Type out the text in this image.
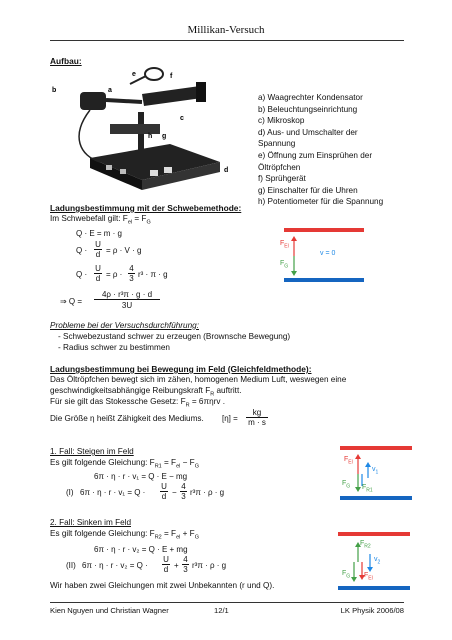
Millikan-Versuch
Aufbau:
e
b	a
f
c
h g
d
a) Waagrechter Kondensator
b) Beleuchtungseinrichtung
c) Mikroskop
d) Aus- und Umschalter der
Spannung
e) Öffnung zum Einsprühen der
Öltröpfchen
f) Sprühgerät
g) Einschalter für die Uhren
h) Potentiometer für die Spannung
Ladungsbestimmung mit der Schwebemethode:
Im Schwebefall gilt: $F_{el} = F_G$
Q · E = m · g
Q ·
U
d = ρ · V · g
Q ·
U
d = ρ ·
4
3 r³ · π · g
⇒ Q =
4ρ · r³π · g · d
3U
$F_{El}$
$F_G$
v = 0
Probleme bei der Versuchsdurchführung:
- Schwebezustand schwer zu erzeugen (Brownsche Bewegung)
- Radius schwer zu bestimmen
Ladungsbestimmung bei Bewegung im Feld (Gleichfeldmethode):
Das Öltröpfchen bewegt sich im zähen, homogenen Medium Luft, weswegen eine
geschwindigkeitsabhängige Reibungskraft $F_R$ auftritt.
Für sie gilt das Stokessche Gesetz: $F_R = 6\pi\eta rv$ .
Die Größe η heißt Zähigkeit des Mediums. [η] =
kg
m · s
1. Fall: Steigen im Feld
Es gilt folgende Gleichung: $F_{R1} = F_{el} - F_G$
6π · η · r · v₁ = Q · E − mg
(I) 6π · η · r · v₁ = Q ·
U
d −
4
3 r³π · ρ · g
$F_{El}$
$F_G$ $F_{R1}$
$v_1$
2. Fall: Sinken im Feld
Es gilt folgende Gleichung: $F_{R2} = F_{el} + F_G$
6π · η · r · v₂ = Q · E + mg
(II) 6π · η · r · v₂ = Q ·
U
d +
4
3 r³π · ρ · g
Wir haben zwei Gleichungen mit zwei Unbekannten (r und Q).
$F_{R2}$
$F_{El}$
$F_G$
$v_2$
Kien Nguyen und Christian Wagner	12/1	LK Physik 2006/08
